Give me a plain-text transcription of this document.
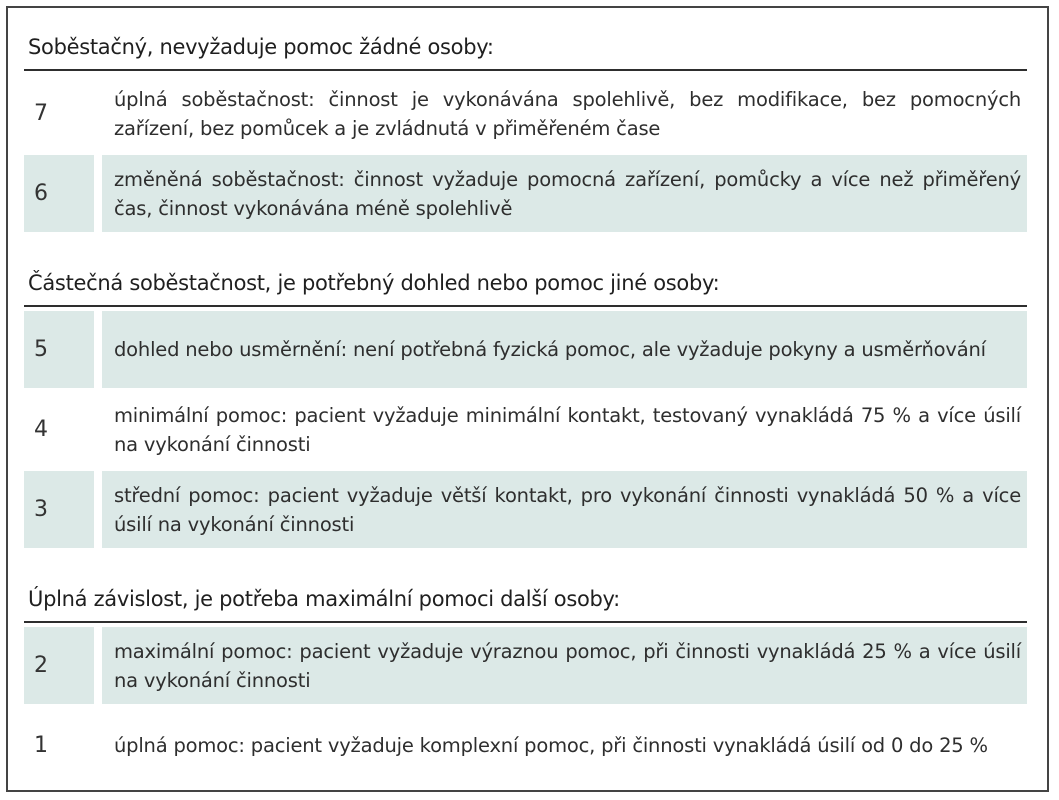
Soběstačný, nevyžaduje pomoc žádné osoby:
7
úplná soběstačnost: činnost je vykonávána spolehlivě, bez modifikace, bez pomocných zařízení, bez pomůcek a je zvládnutá v přiměřeném čase
6
změněná soběstačnost: činnost vyžaduje pomocná zařízení, pomůcky a více než přiměřený čas, činnost vykonávána méně spolehlivě
Částečná soběstačnost, je potřebný dohled nebo pomoc jiné osoby:
5	dohled nebo usměrnění: není potřebná fyzická pomoc, ale vyžaduje pokyny a usměrňování
4
minimální pomoc: pacient vyžaduje minimální kontakt, testovaný vynakládá 75 % a více úsilí na vykonání činnosti
3
střední pomoc: pacient vyžaduje větší kontakt, pro vykonání činnosti vynakládá 50 % a více úsilí na vykonání činnosti
Úplná závislost, je potřeba maximální pomoci další osoby:
2
maximální pomoc: pacient vyžaduje výraznou pomoc, při činnosti vynakládá 25 % a více úsilí na vykonání činnosti
1	úplná pomoc: pacient vyžaduje komplexní pomoc, při činnosti vynakládá úsilí od 0 do 25 %
